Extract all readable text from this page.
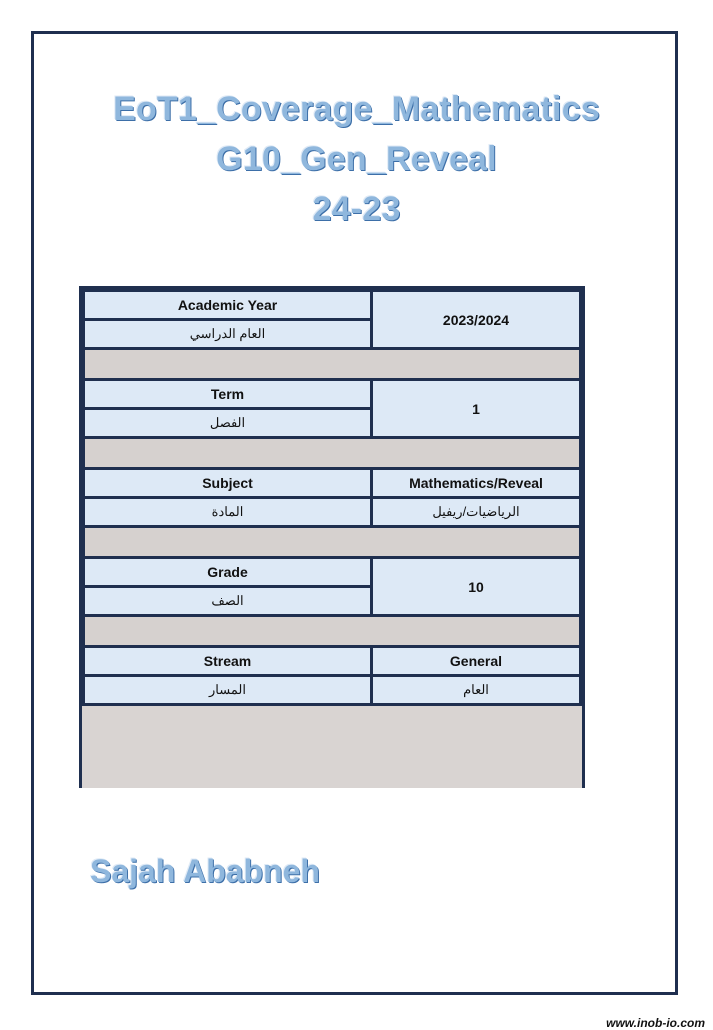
EoT1_Coverage_Mathematics
G10_Gen_Reveal
24-23
Academic Year	2023/2024
العام الدراسي	

Term	1
الفصل	

Subject	Mathematics/Reveal
المادة	الرياضيات/ريفيل

Grade	10
الصف	

Stream	General
المسار	العام
Sajah Ababneh
www.inob-io.com
